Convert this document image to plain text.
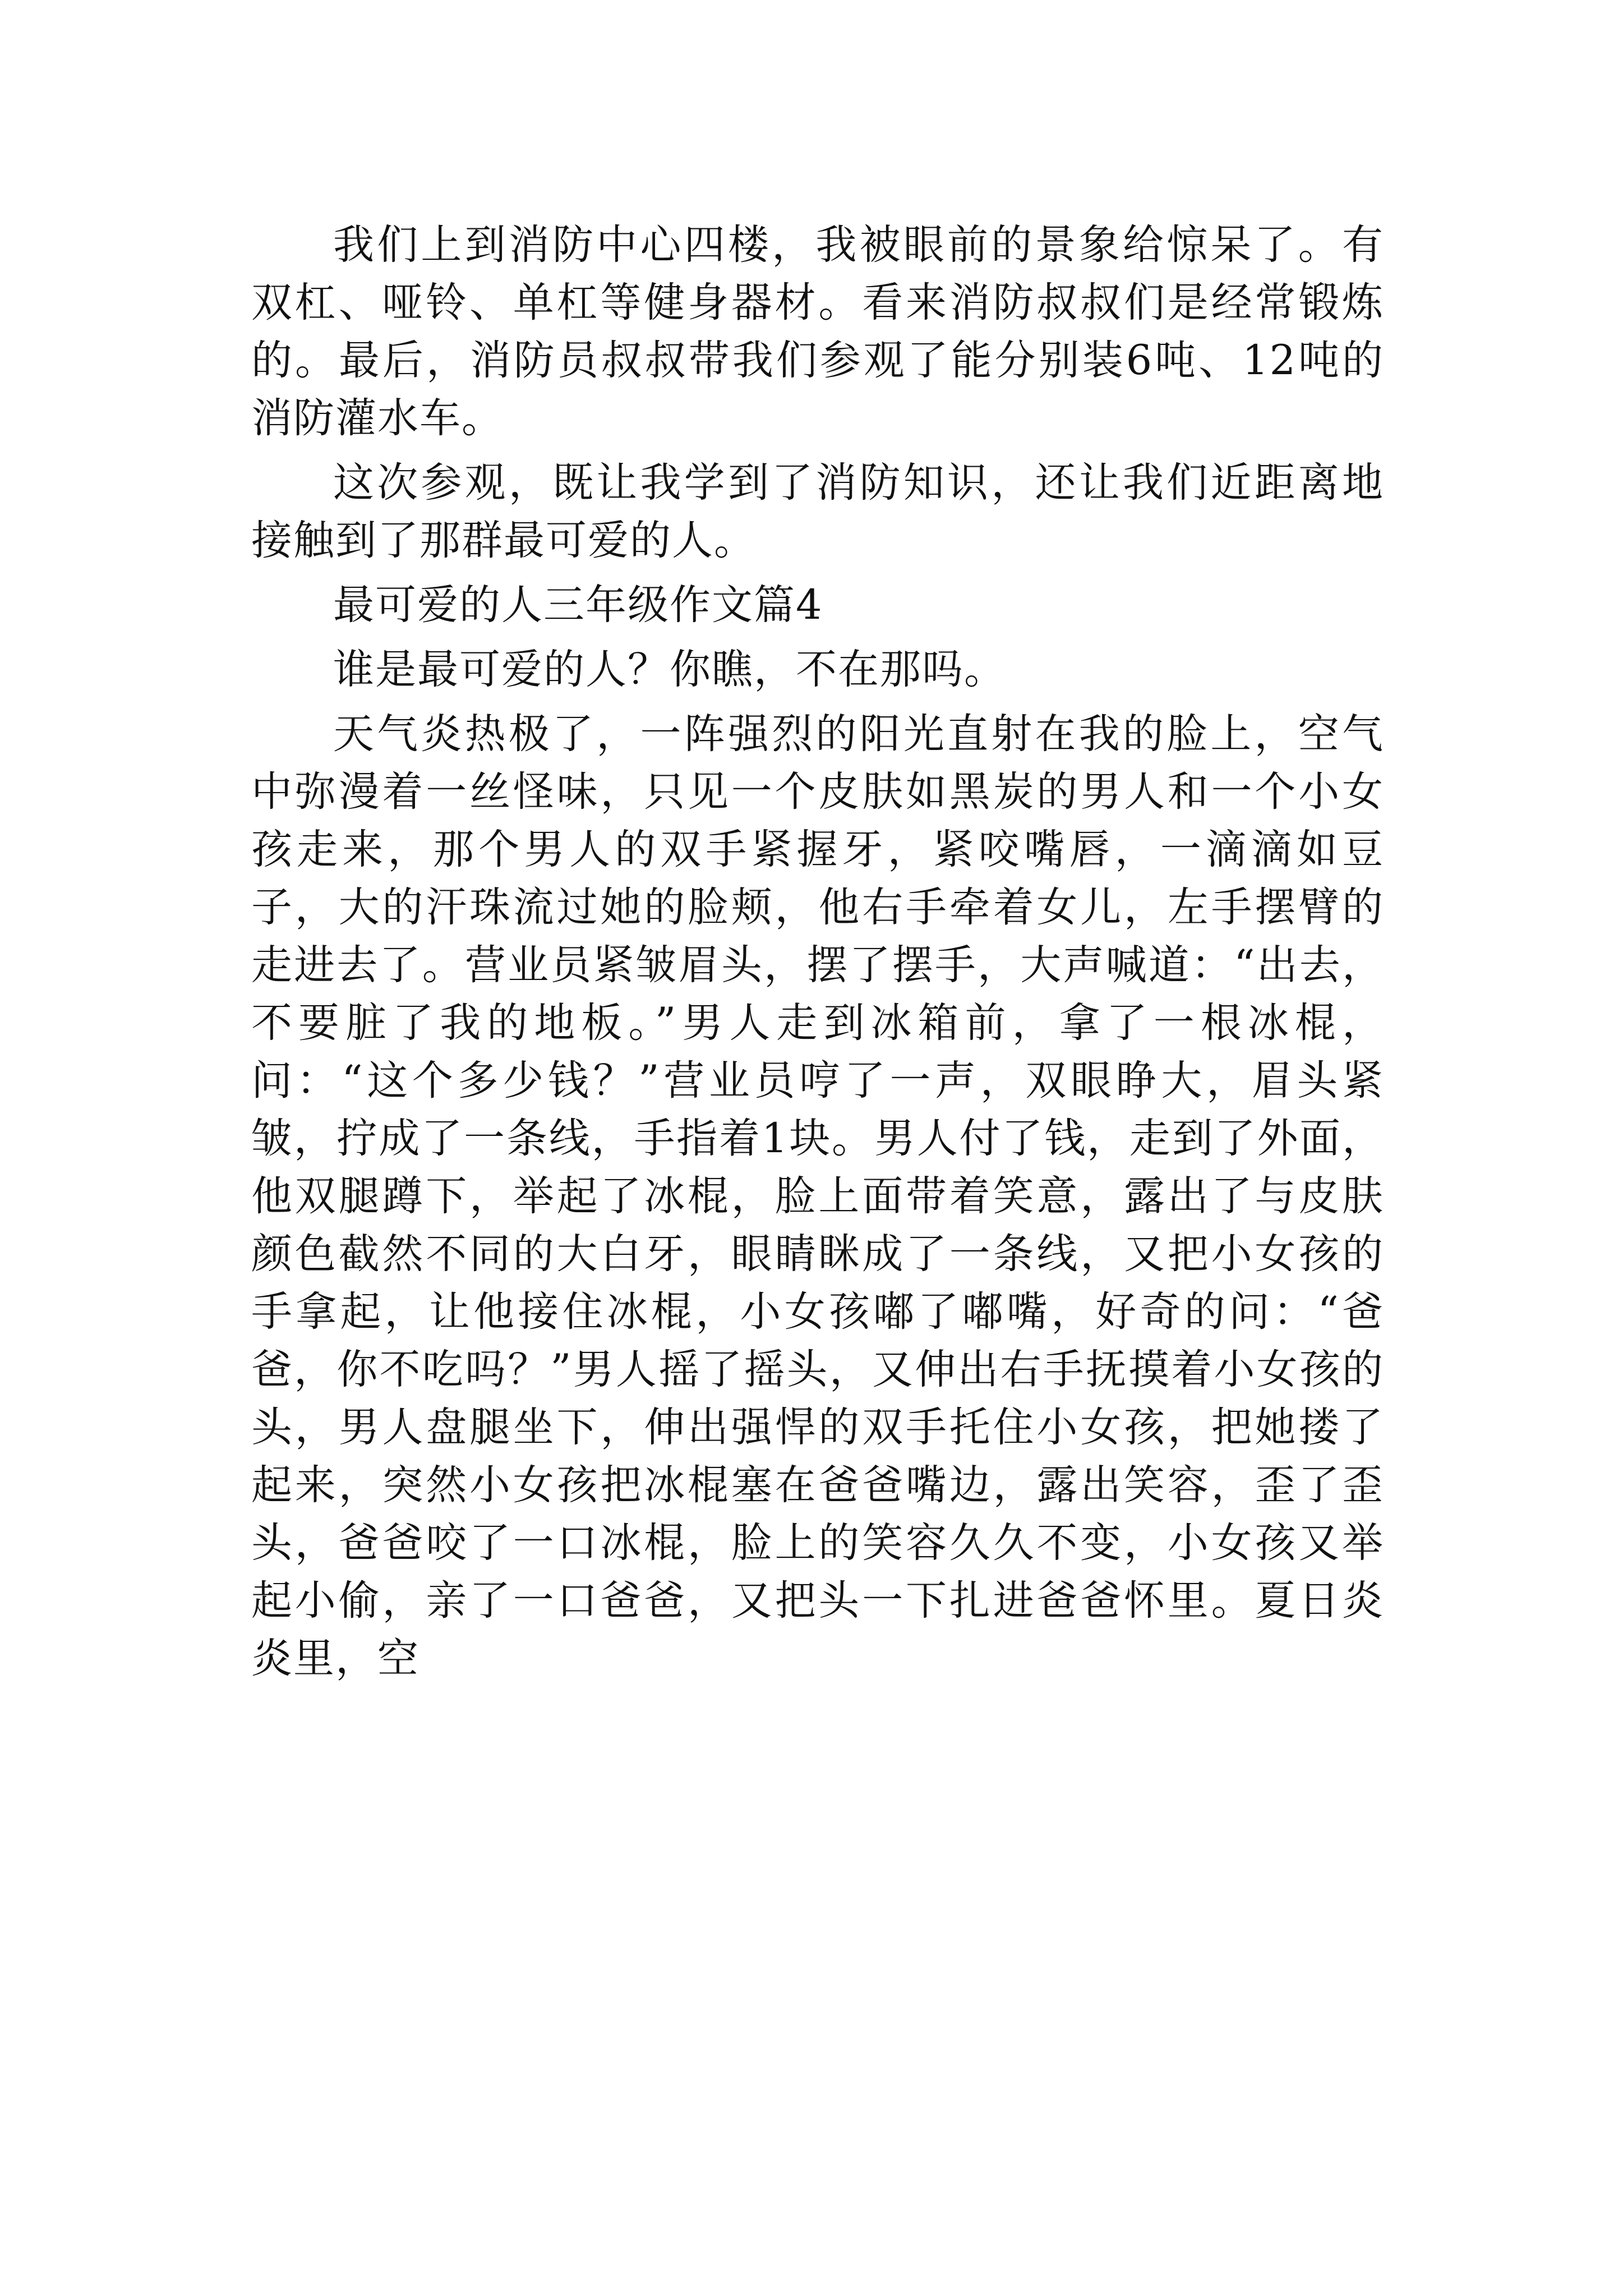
我们上到消防中心四楼，我被眼前的景象给惊呆了。有双杠、哑铃、单杠等健身器材。看来消防叔叔们是经常锻炼的。最后，消防员叔叔带我们参观了能分别装6吨、12吨的消防灌水车。

这次参观，既让我学到了消防知识，还让我们近距离地接触到了那群最可爱的人。

最可爱的人三年级作文篇4

谁是最可爱的人？你瞧，不在那吗。

天气炎热极了，一阵强烈的阳光直射在我的脸上，空气中弥漫着一丝怪味，只见一个皮肤如黑炭的男人和一个小女孩走来，那个男人的双手紧握牙，紧咬嘴唇，一滴滴如豆子，大的汗珠流过她的脸颊，他右手牵着女儿，左手摆臂的走进去了。营业员紧皱眉头，摆了摆手，大声喊道：“出去，不要脏了我的地板。”男人走到冰箱前，拿了一根冰棍，问：“这个多少钱？”营业员哼了一声，双眼睁大，眉头紧皱，拧成了一条线，手指着1块。男人付了钱，走到了外面，他双腿蹲下，举起了冰棍，脸上面带着笑意，露出了与皮肤颜色截然不同的大白牙，眼睛眯成了一条线，又把小女孩的手拿起，让他接住冰棍，小女孩嘟了嘟嘴，好奇的问：“爸爸，你不吃吗？”男人摇了摇头，又伸出右手抚摸着小女孩的头，男人盘腿坐下，伸出强悍的双手托住小女孩，把她搂了起来，突然小女孩把冰棍塞在爸爸嘴边，露出笑容，歪了歪头，爸爸咬了一口冰棍，脸上的笑容久久不变，小女孩又举起小偷，亲了一口爸爸，又把头一下扎进爸爸怀里。夏日炎炎里，空
